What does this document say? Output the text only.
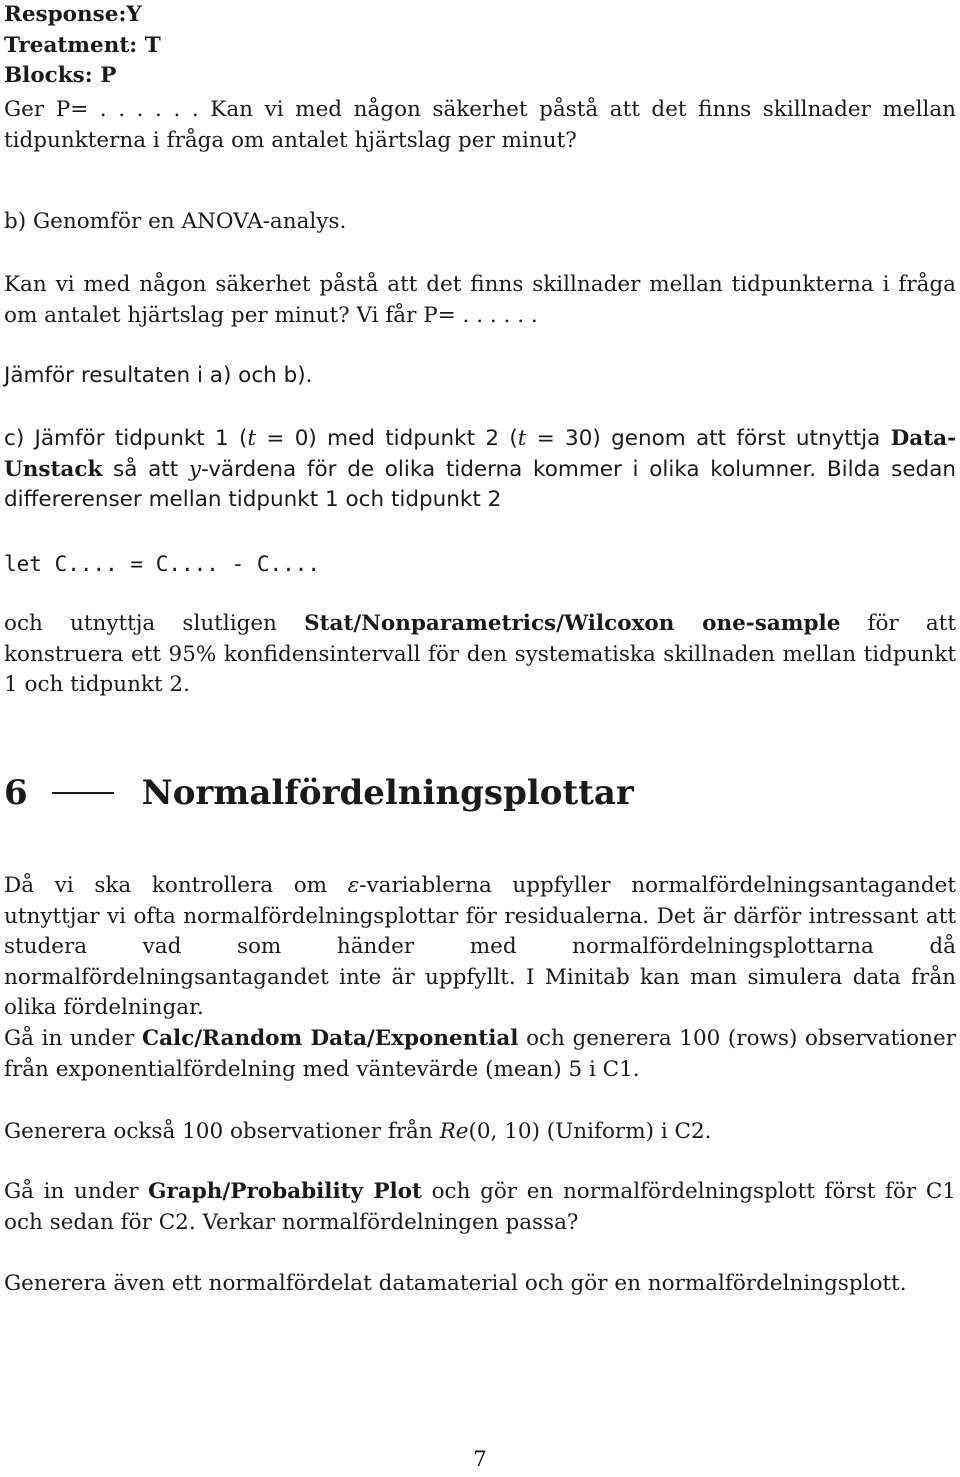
Response:Y
Treatment: T
Blocks: P

Ger P= . . . . . . Kan vi med någon säkerhet påstå att det finns skillnader mellan tidpunkterna i fråga om antalet hjärtslag per minut?

b) Genomför en ANOVA-analys.

Kan vi med någon säkerhet påstå att det finns skillnader mellan tidpunkterna i fråga om antalet hjärtslag per minut? Vi får P= . . . . . .

Jämför resultaten i a) och b).

c) Jämför tidpunkt 1 (t = 0) med tidpunkt 2 (t = 30) genom att först utnyttja Data-Unstack så att y-värdena för de olika tiderna kommer i olika kolumner. Bilda sedan differerenser mellan tidpunkt 1 och tidpunkt 2

let C.... = C.... - C....

och utnyttja slutligen Stat/Nonparametrics/Wilcoxon one-sample för att konstruera ett 95% konfidensintervall för den systematiska skillnaden mellan tidpunkt 1 och tidpunkt 2.

6	Normalfördelningsplottar

Då vi ska kontrollera om ε-variablerna uppfyller normalfördelningsantagandet utnyttjar vi ofta normalfördelningsplottar för residualerna. Det är därför intressant att studera vad som händer med normalfördelningsplottarna då normalfördelningsantagandet inte är uppfyllt. I Minitab kan man simulera data från olika fördelningar.

Gå in under Calc/Random Data/Exponential och generera 100 (rows) observationer från exponentialfördelning med väntevärde (mean) 5 i C1.

Generera också 100 observationer från Re(0, 10) (Uniform) i C2.

Gå in under Graph/Probability Plot och gör en normalfördelningsplott först för C1 och sedan för C2. Verkar normalfördelningen passa?

Generera även ett normalfördelat datamaterial och gör en normalfördelningsplott.

7
